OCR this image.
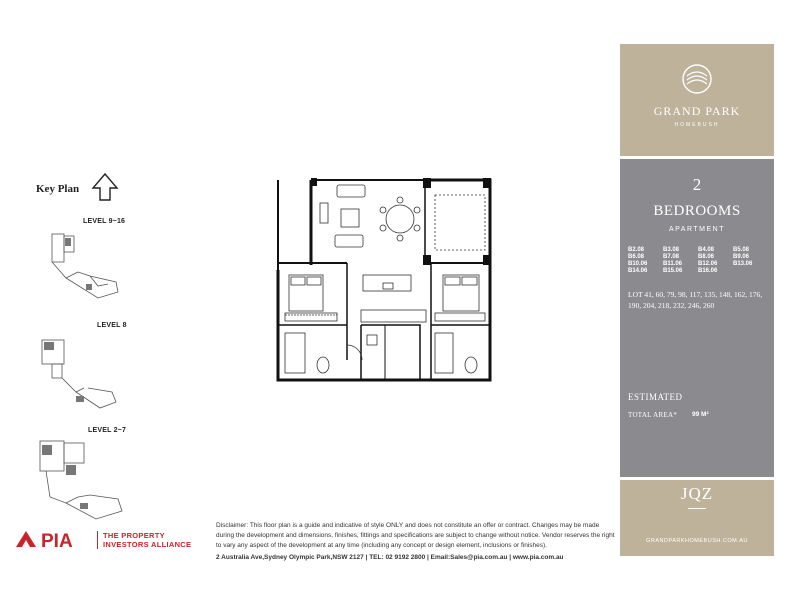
Key Plan
LEVEL 9~16
LEVEL 8
LEVEL 2~7
GRAND PARK
HOMEBUSH
2
BEDROOMS
APARTMENT
B2.08	B3.08	B4.08	B5.08
B6.08	B7.08	B8.06	B9.06
B10.06	B11.06	B12.06	B13.06
B14.06	B15.06	B16.06
LOT 41, 60, 79, 98, 117, 135, 148, 162, 176, 190, 204, 218, 232, 246, 260
ESTIMATED
TOTAL AREA* 99 M²
JQZ
GRANDPARKHOMEBUSH.COM.AU
PIA	THE PROPERTY
INVESTORS ALLIANCE
Disclaimer: This floor plan is a guide and indicative of style ONLY and does not constitute an offer or contract. Changes may be made during the development and dimensions, finishes, fittings and specifications are subject to change without notice. Vendor reserves the right to vary any aspect of the development at any time (including any concept or design element, inclusions or finishes).
2 Australia Ave,Sydney Olympic Park,NSW 2127 | TEL: 02 9192 2800 | Email:Sales@pia.com.au | www.pia.com.au
